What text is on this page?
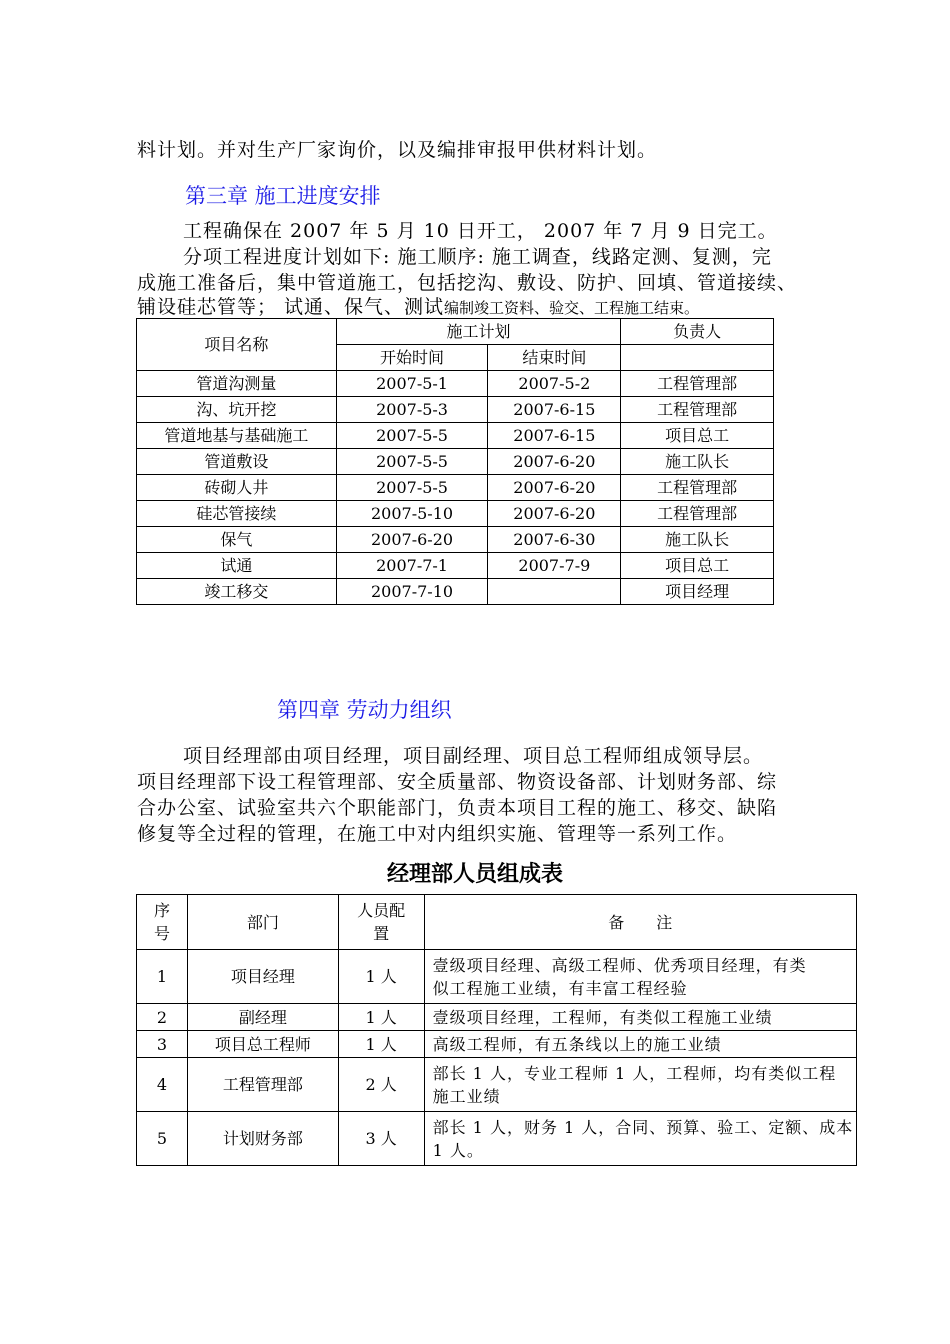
料计划。并对生产厂家询价，以及编排审报甲供材料计划。
第三章 施工进度安排
工程确保在 2007 年 5 月 10 日开工， 2007 年 7 月 9 日完工。
分项工程进度计划如下: 施工顺序: 施工调查，线路定测、复测，完
成施工准备后，集中管道施工，包括挖沟、敷设、防护、回填、管道接续、
铺设硅芯管等； 试通、保气、测试编制竣工资料、验交、工程施工结束。
项目名称	施工计划		负责人
	开始时间	结束时间	
管道沟测量	2007-5-1	2007-5-2	工程管理部
沟、坑开挖	2007-5-3	2007-6-15	工程管理部
管道地基与基础施工	2007-5-5	2007-6-15	项目总工
管道敷设	2007-5-5	2007-6-20	施工队长
砖砌人井	2007-5-5	2007-6-20	工程管理部
硅芯管接续	2007-5-10	2007-6-20	工程管理部
保气	2007-6-20	2007-6-30	施工队长
试通	2007-7-1	2007-7-9	项目总工
竣工移交	2007-7-10		项目经理
第四章 劳动力组织
项目经理部由项目经理，项目副经理、项目总工程师组成领导层。
项目经理部下设工程管理部、安全质量部、物资设备部、计划财务部、综
合办公室、试验室共六个职能部门，负责本项目工程的施工、移交、缺陷
修复等全过程的管理，在施工中对内组织实施、管理等一系列工作。
经理部人员组成表
序
号	部门	人员配
置	备　　注
1	项目经理	1 人	壹级项目经理、高级工程师、优秀项目经理，有类
似工程施工业绩，有丰富工程经验
2	副经理	1 人	壹级项目经理，工程师，有类似工程施工业绩
3	项目总工程师	1 人	高级工程师，有五条线以上的施工业绩
4	工程管理部	2 人	部长 1 人，专业工程师 1 人，工程师，均有类似工程
施工业绩
5	计划财务部	3 人	部长 1 人，财务 1 人，合同、预算、验工、定额、成本
1 人。
